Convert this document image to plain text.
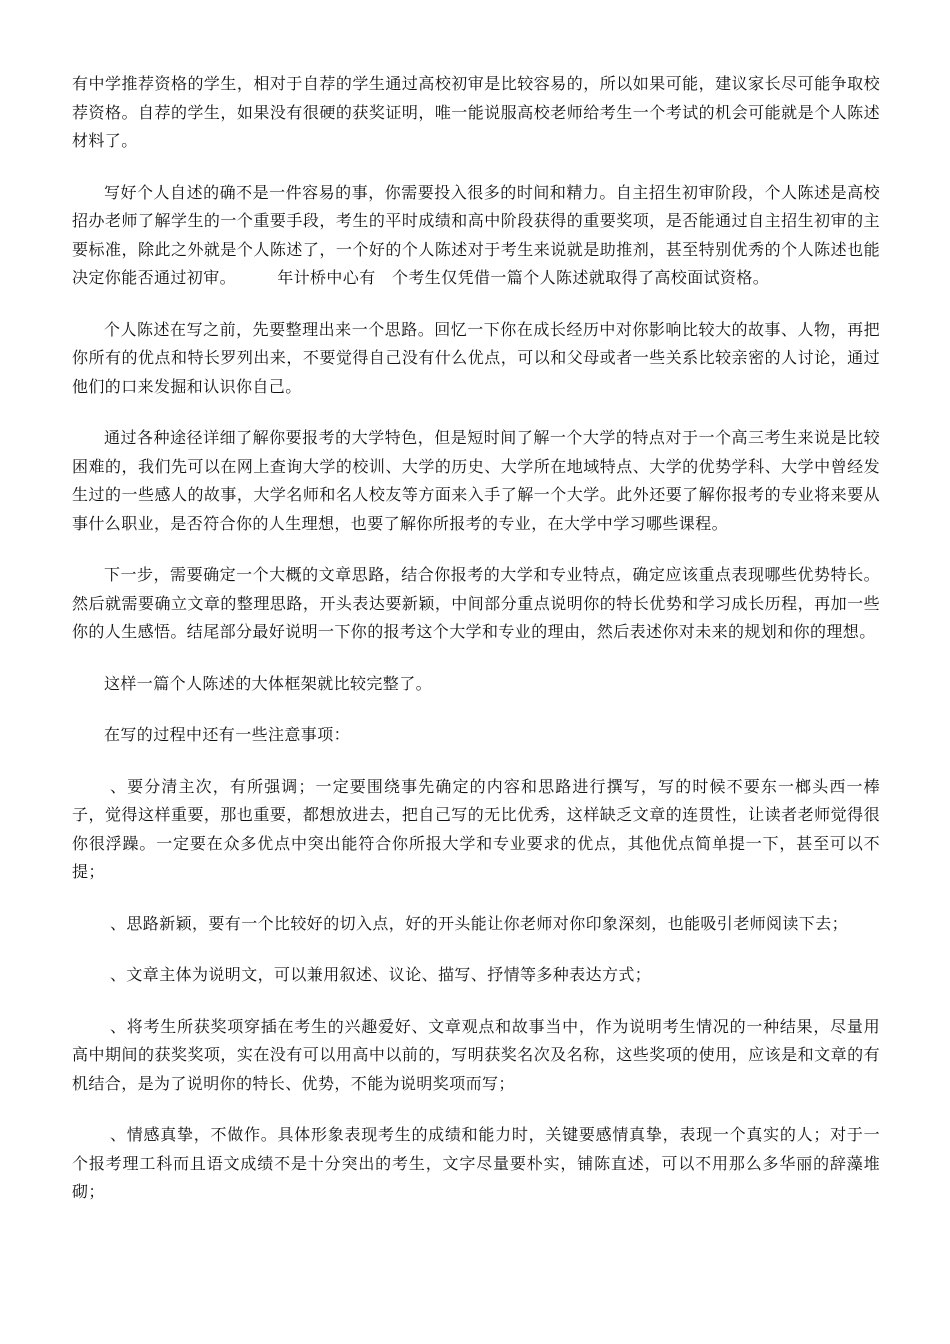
有中学推荐资格的学生，相对于自荐的学生通过高校初审是比较容易的，所以如果可能，建议家长尽可能争取校荐资格。自荐的学生，如果没有很硬的获奖证明，唯一能说服高校老师给考生一个考试的机会可能就是个人陈述材料了。

写好个人自述的确不是一件容易的事，你需要投入很多的时间和精力。自主招生初审阶段，个人陈述是高校招办老师了解学生的一个重要手段，考生的平时成绩和高中阶段获得的重要奖项，是否能通过自主招生初审的主要标准，除此之外就是个人陈述了，一个好的个人陈述对于考生来说就是助推剂，甚至特别优秀的个人陈述也能决定你能否通过初审。　　　年计桥中心有　个考生仅凭借一篇个人陈述就取得了高校面试资格。

个人陈述在写之前，先要整理出来一个思路。回忆一下你在成长经历中对你影响比较大的故事、人物，再把你所有的优点和特长罗列出来，不要觉得自己没有什么优点，可以和父母或者一些关系比较亲密的人讨论，通过他们的口来发掘和认识你自己。

通过各种途径详细了解你要报考的大学特色，但是短时间了解一个大学的特点对于一个高三考生来说是比较困难的，我们先可以在网上查询大学的校训、大学的历史、大学所在地域特点、大学的优势学科、大学中曾经发生过的一些感人的故事，大学名师和名人校友等方面来入手了解一个大学。此外还要了解你报考的专业将来要从事什么职业，是否符合你的人生理想，也要了解你所报考的专业，在大学中学习哪些课程。

下一步，需要确定一个大概的文章思路，结合你报考的大学和专业特点，确定应该重点表现哪些优势特长。然后就需要确立文章的整理思路，开头表达要新颖，中间部分重点说明你的特长优势和学习成长历程，再加一些你的人生感悟。结尾部分最好说明一下你的报考这个大学和专业的理由，然后表述你对未来的规划和你的理想。

这样一篇个人陈述的大体框架就比较完整了。

在写的过程中还有一些注意事项：

、要分清主次，有所强调；一定要围绕事先确定的内容和思路进行撰写，写的时候不要东一榔头西一棒子，觉得这样重要，那也重要，都想放进去，把自己写的无比优秀，这样缺乏文章的连贯性，让读者老师觉得很你很浮躁。一定要在众多优点中突出能符合你所报大学和专业要求的优点，其他优点简单提一下，甚至可以不提；

、思路新颖，要有一个比较好的切入点，好的开头能让你老师对你印象深刻，也能吸引老师阅读下去；

、文章主体为说明文，可以兼用叙述、议论、描写、抒情等多种表达方式；

、将考生所获奖项穿插在考生的兴趣爱好、文章观点和故事当中，作为说明考生情况的一种结果，尽量用高中期间的获奖奖项，实在没有可以用高中以前的，写明获奖名次及名称，这些奖项的使用，应该是和文章的有机结合，是为了说明你的特长、优势，不能为说明奖项而写；

、情感真挚，不做作。具体形象表现考生的成绩和能力时，关键要感情真挚，表现一个真实的人；对于一个报考理工科而且语文成绩不是十分突出的考生，文字尽量要朴实，铺陈直述，可以不用那么多华丽的辞藻堆砌；
